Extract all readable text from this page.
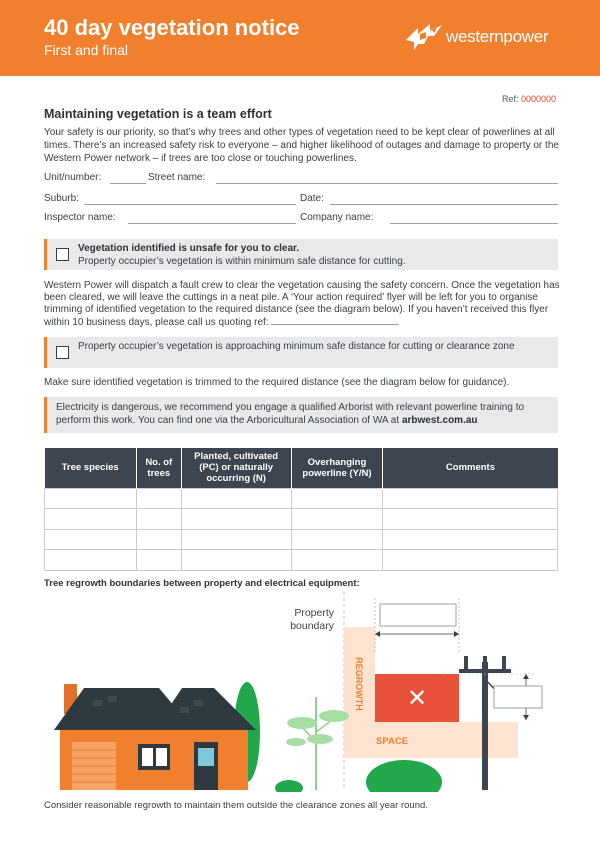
40 day vegetation notice
First and final
westernpower
Ref: 0000000
Maintaining vegetation is a team effort
Your safety is our priority, so that’s why trees and other types of vegetation need to be kept clear of powerlines at all times. There’s an increased safety risk to everyone – and higher likelihood of outages and damage to property or the Western Power network – if trees are too close or touching powerlines.
Unit/number:	Street name:
Suburb:	Date:
Inspector name:	Company name:
Vegetation identified is unsafe for you to clear.
Property occupier’s vegetation is within minimum safe distance for cutting.
Western Power will dispatch a fault crew to clear the vegetation causing the safety concern. Once the vegetation has been cleared, we will leave the cuttings in a neat pile. A ‘Your action required’ flyer will be left for you to organise trimming of identified vegetation to the required distance (see the diagram below). If you haven’t received this flyer within 10 business days, please call us quoting ref:
Property occupier’s vegetation is approaching minimum safe distance for cutting or clearance zone
Make sure identified vegetation is trimmed to the required distance (see the diagram below for guidance).
Electricity is dangerous, we recommend you engage a qualified Arborist with relevant powerline training to perform this work. You can find one via the Arboricultural Association of WA at arbwest.com.au
Tree species	No. of trees	Planted, cultivated (PC) or naturally occurring (N)	Overhanging powerline (Y/N)	Comments

Tree regrowth boundaries between property and electrical equipment:
Property
boundary
REGROWTH
SPACE
✕
Consider reasonable regrowth to maintain them outside the clearance zones all year round.
